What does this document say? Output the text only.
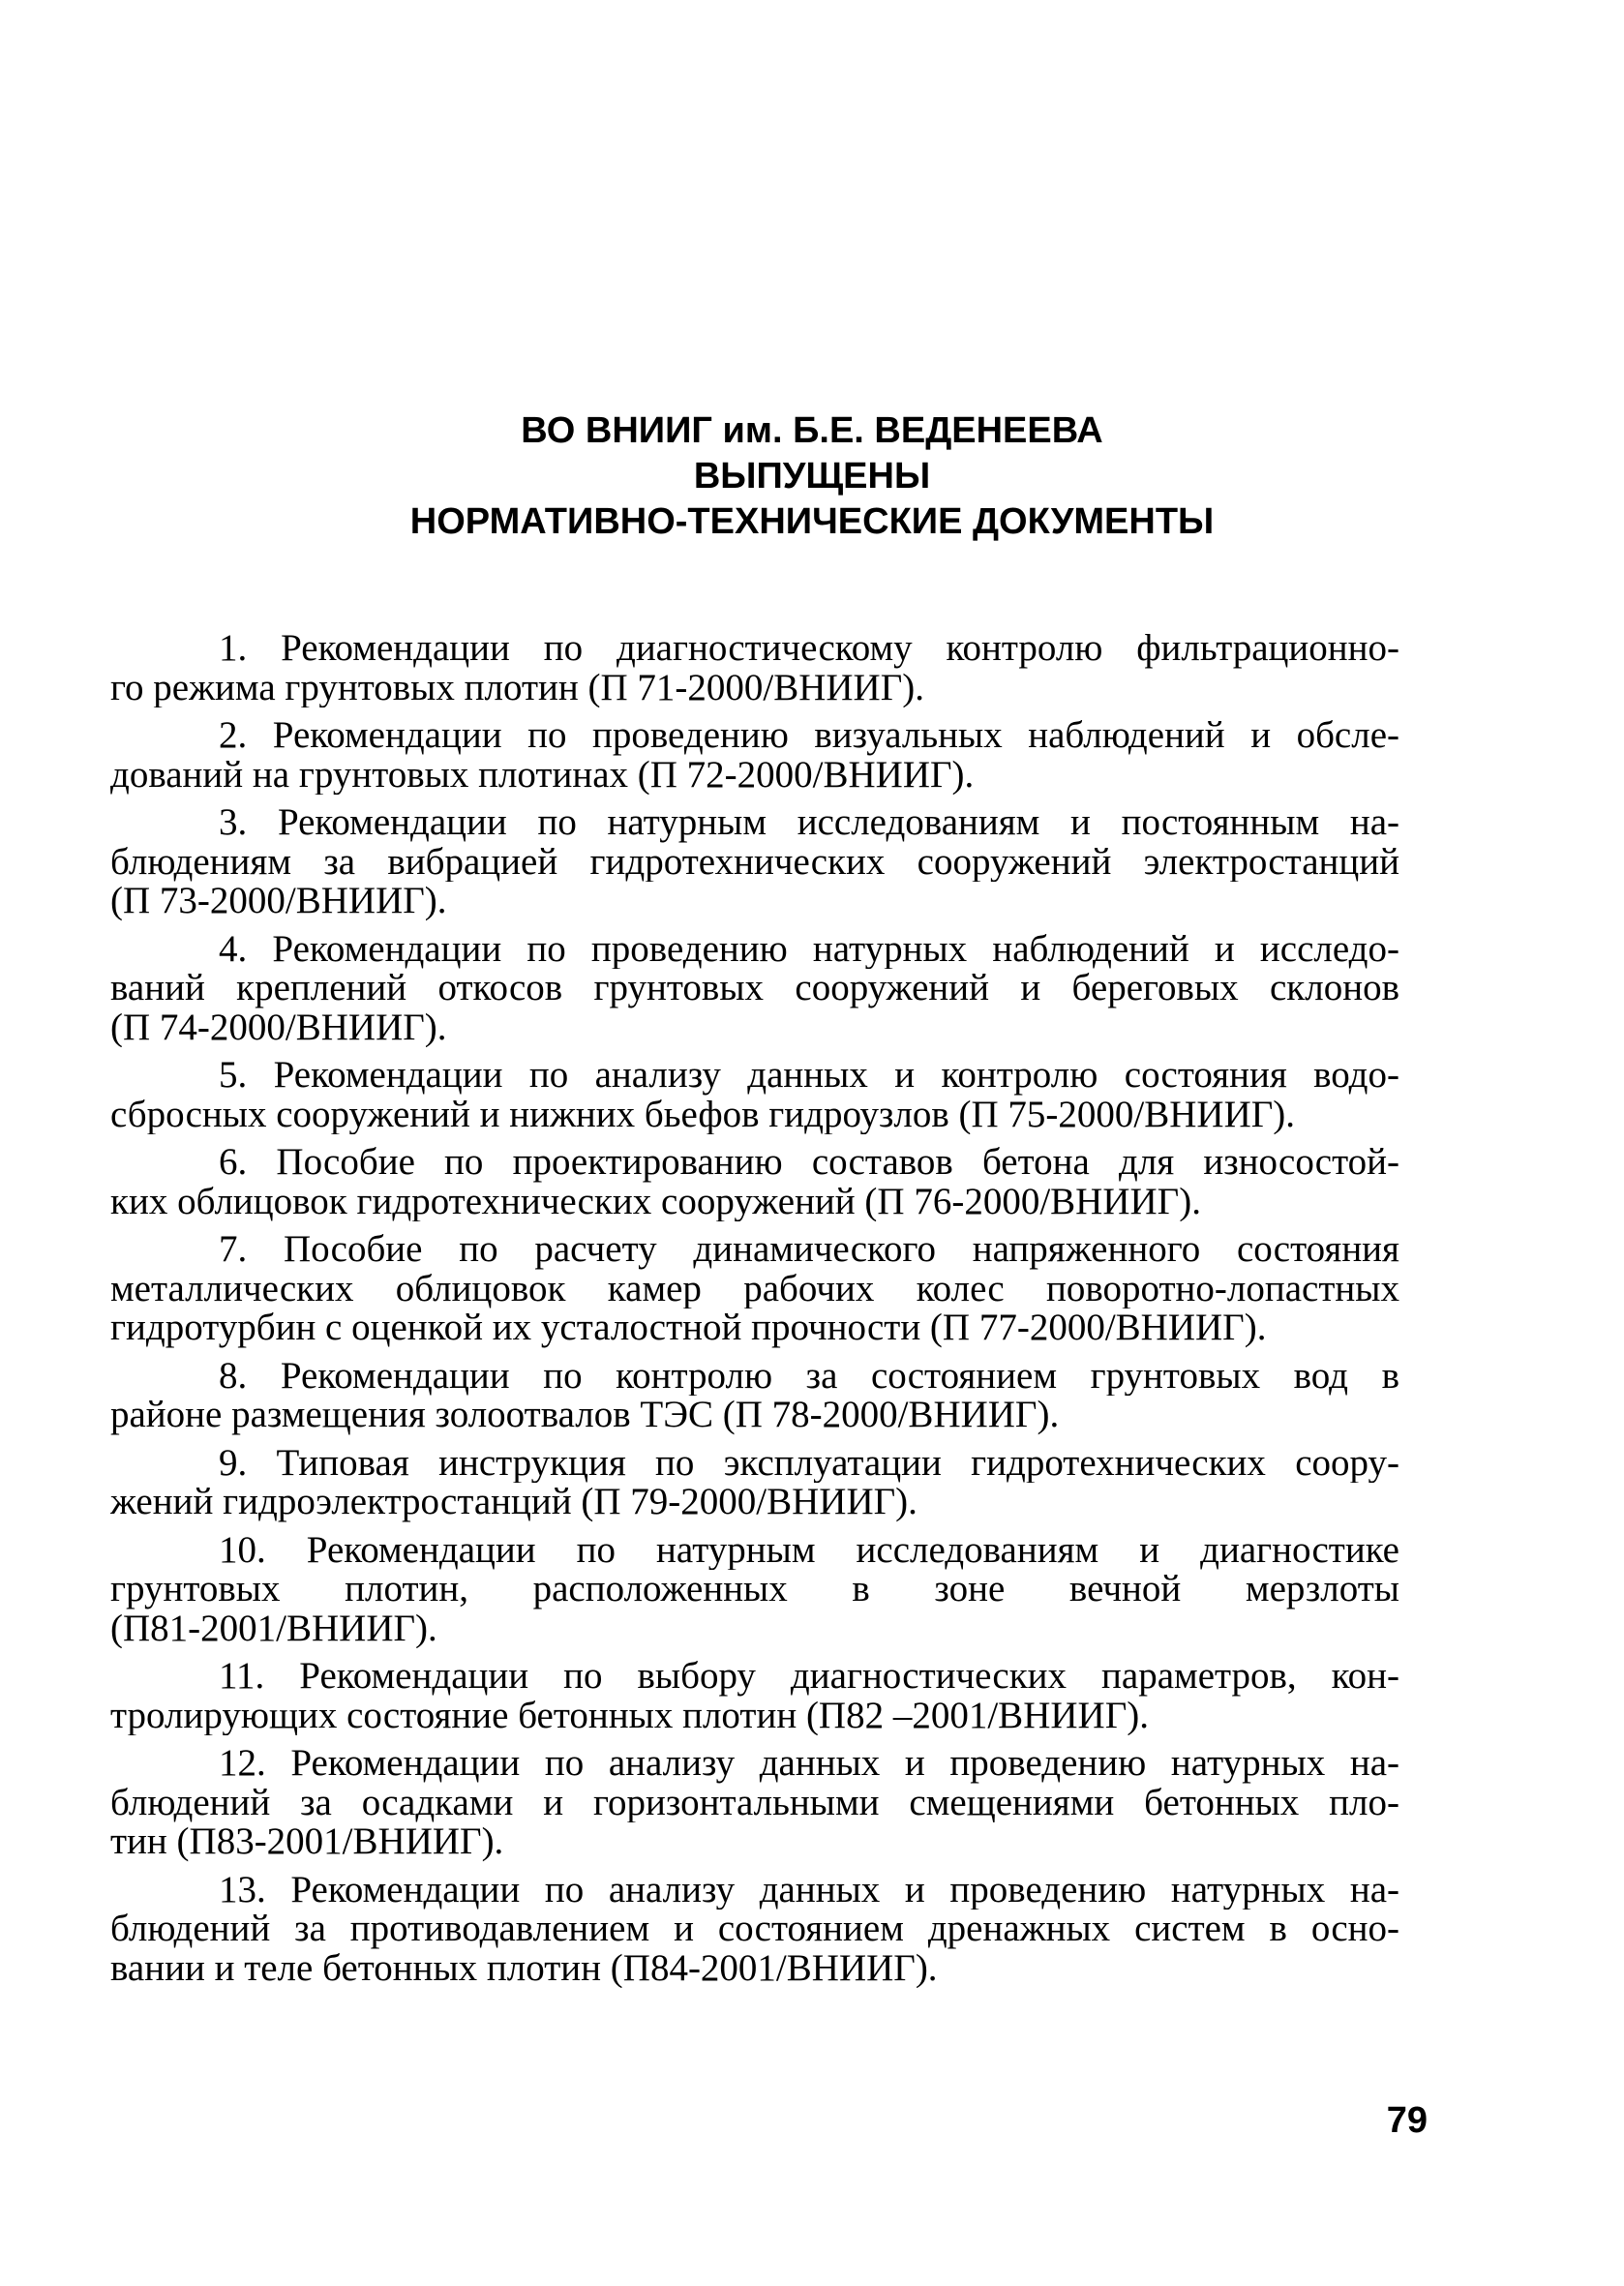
ВО ВНИИГ им. Б.Е. ВЕДЕНЕЕВА
ВЫПУЩЕНЫ
НОРМАТИВНО-ТЕХНИЧЕСКИЕ ДОКУМЕНТЫ
1. Рекомендации по диагностическому контролю фильтрационно-
го режима грунтовых плотин (П 71-2000/ВНИИГ).
2. Рекомендации по проведению визуальных наблюдений и обсле-
дований на грунтовых плотинах (П 72-2000/ВНИИГ).
3. Рекомендации по натурным исследованиям и постоянным на-
блюдениям за вибрацией гидротехнических сооружений электростанций
(П 73-2000/ВНИИГ).
4. Рекомендации по проведению натурных наблюдений и исследо-
ваний креплений откосов грунтовых сооружений и береговых склонов
(П 74-2000/ВНИИГ).
5. Рекомендации по анализу данных и контролю состояния водо-
сбросных сооружений и нижних бьефов гидроузлов (П 75-2000/ВНИИГ).
6. Пособие по проектированию составов бетона для износостой-
ких облицовок гидротехнических сооружений (П 76-2000/ВНИИГ).
7. Пособие по расчету динамического напряженного состояния
металлических облицовок камер рабочих колес поворотно-лопастных
гидротурбин с оценкой их усталостной прочности (П 77-2000/ВНИИГ).
8. Рекомендации по контролю за состоянием грунтовых вод в
районе размещения золоотвалов ТЭС (П 78-2000/ВНИИГ).
9. Типовая инструкция по эксплуатации гидротехнических соору-
жений гидроэлектростанций (П 79-2000/ВНИИГ).
10. Рекомендации по натурным исследованиям и диагностике
грунтовых плотин, расположенных в зоне вечной мерзлоты
(П81-2001/ВНИИГ).
11. Рекомендации по выбору диагностических параметров, кон-
тролирующих состояние бетонных плотин (П82 –2001/ВНИИГ).
12. Рекомендации по анализу данных и проведению натурных на-
блюдений за осадками и горизонтальными смещениями бетонных пло-
тин (П83-2001/ВНИИГ).
13. Рекомендации по анализу данных и проведению натурных на-
блюдений за противодавлением и состоянием дренажных систем в осно-
вании и теле бетонных плотин (П84-2001/ВНИИГ).
79
